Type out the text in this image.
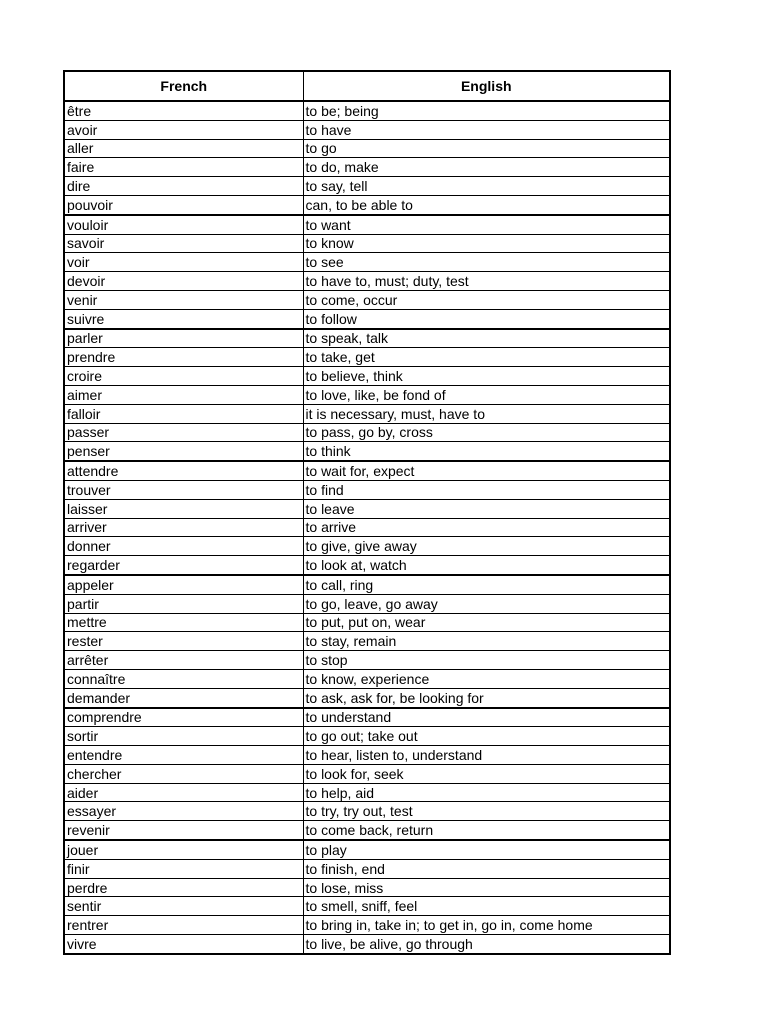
French	English
être	to be; being
avoir	to have
aller	to go
faire	to do, make
dire	to say, tell
pouvoir	can, to be able to
vouloir	to want
savoir	to know
voir	to see
devoir	to have to, must; duty, test
venir	to come, occur
suivre	to follow
parler	to speak, talk
prendre	to take, get
croire	to believe, think
aimer	to love, like, be fond of
falloir	it is necessary, must, have to
passer	to pass, go by, cross
penser	to think
attendre	to wait for, expect
trouver	to find
laisser	to leave
arriver	to arrive
donner	to give, give away
regarder	to look at, watch
appeler	to call, ring
partir	to go, leave, go away
mettre	to put, put on, wear
rester	to stay, remain
arrêter	to stop
connaître	to know, experience
demander	to ask, ask for, be looking for
comprendre	to understand
sortir	to go out; take out
entendre	to hear, listen to, understand
chercher	to look for, seek
aider	to help, aid
essayer	to try, try out, test
revenir	to come back, return
jouer	to play
finir	to finish, end
perdre	to lose, miss
sentir	to smell, sniff, feel
rentrer	to bring in, take in; to get in, go in, come home
vivre	to live, be alive, go through
